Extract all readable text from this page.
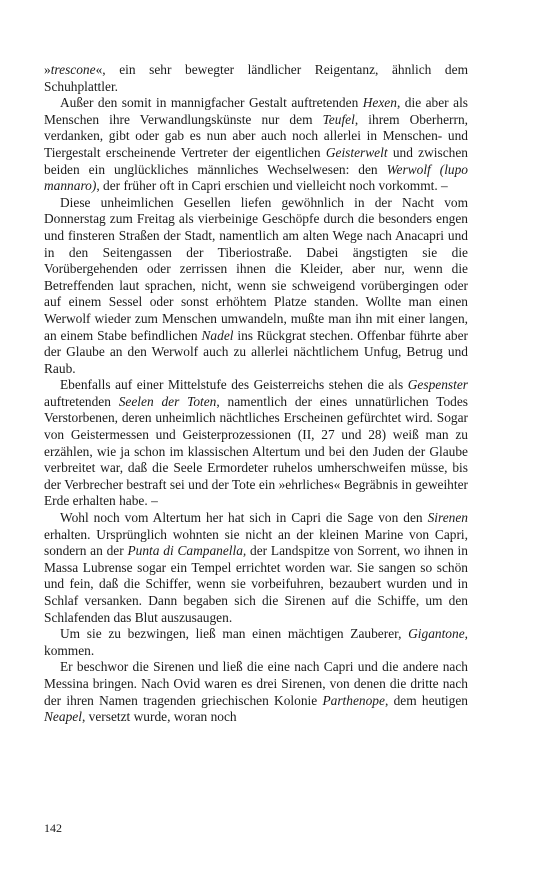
»trescone«, ein sehr bewegter ländlicher Reigentanz, ähnlich dem Schuhplattler.

Außer den somit in mannigfacher Gestalt auftretenden Hexen, die aber als Menschen ihre Verwandlungskünste nur dem Teufel, ihrem Oberherrn, verdanken, gibt oder gab es nun aber auch noch allerlei in Menschen- und Tiergestalt erscheinende Vertreter der eigentlichen Geisterwelt und zwischen beiden ein unglückliches männliches Wechselwesen: den Werwolf (lupo mannaro), der früher oft in Capri erschien und vielleicht noch vorkommt. –

Diese unheimlichen Gesellen liefen gewöhnlich in der Nacht vom Donnerstag zum Freitag als vierbeinige Geschöpfe durch die besonders engen und finsteren Straßen der Stadt, namentlich am alten Wege nach Anacapri und in den Seitengassen der Tiberiostraße. Dabei ängstigten sie die Vorübergehenden oder zerrissen ihnen die Kleider, aber nur, wenn die Betreffenden laut sprachen, nicht, wenn sie schweigend vorübergingen oder auf einem Sessel oder sonst erhöhtem Platze standen. Wollte man einen Werwolf wieder zum Menschen umwandeln, mußte man ihn mit einer langen, an einem Stabe befindlichen Nadel ins Rückgrat stechen. Offenbar führte aber der Glaube an den Werwolf auch zu allerlei nächtlichem Unfug, Betrug und Raub.

Ebenfalls auf einer Mittelstufe des Geisterreichs stehen die als Gespenster auftretenden Seelen der Toten, namentlich der eines unnatürlichen Todes Verstorbenen, deren unheimlich nächtliches Erscheinen gefürchtet wird. Sogar von Geistermessen und Geisterprozessionen (II, 27 und 28) weiß man zu erzählen, wie ja schon im klassischen Altertum und bei den Juden der Glaube verbreitet war, daß die Seele Ermordeter ruhelos umherschweifen müsse, bis der Verbrecher bestraft sei und der Tote ein »ehrliches« Begräbnis in geweihter Erde erhalten habe. –

Wohl noch vom Altertum her hat sich in Capri die Sage von den Sirenen erhalten. Ursprünglich wohnten sie nicht an der kleinen Marine von Capri, sondern an der Punta di Campanella, der Landspitze von Sorrent, wo ihnen in Massa Lubrense sogar ein Tempel errichtet worden war. Sie sangen so schön und fein, daß die Schiffer, wenn sie vorbeifuhren, bezaubert wurden und in Schlaf versanken. Dann begaben sich die Sirenen auf die Schiffe, um den Schlafenden das Blut auszusaugen.

Um sie zu bezwingen, ließ man einen mächtigen Zauberer, Gigantone, kommen.

Er beschwor die Sirenen und ließ die eine nach Capri und die andere nach Messina bringen. Nach Ovid waren es drei Sirenen, von denen die dritte nach der ihren Namen tragenden griechischen Kolonie Parthenope, dem heutigen Neapel, versetzt wurde, woran noch

142
